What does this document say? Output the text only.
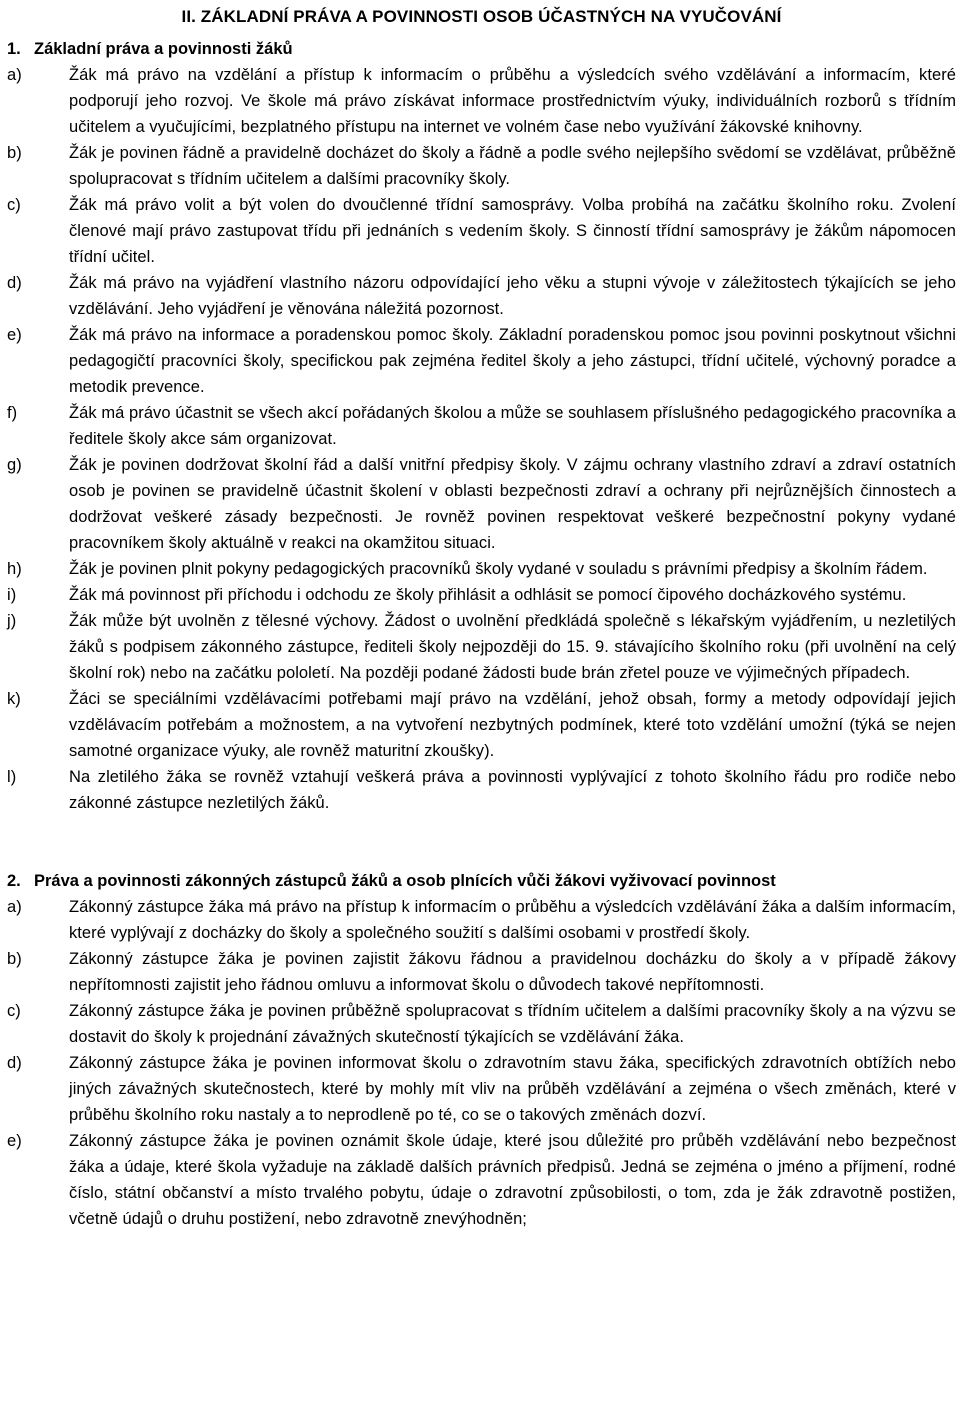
II. ZÁKLADNÍ PRÁVA A POVINNOSTI OSOB ÚČASTNÝCH NA VYUČOVÁNÍ
1. Základní práva a povinnosti žáků
a)	Žák má právo na vzdělání a přístup k informacím o průběhu a výsledcích svého vzdělávání a informacím, které podporují jeho rozvoj. Ve škole má právo získávat informace prostřednictvím výuky, individuálních rozborů s třídním učitelem a vyučujícími, bezplatného přístupu na internet ve volném čase nebo využívání žákovské knihovny.
b)	Žák je povinen řádně a pravidelně docházet do školy a řádně a podle svého nejlepšího svědomí se vzdělávat, průběžně spolupracovat s třídním učitelem a dalšími pracovníky školy.
c)	Žák má právo volit a být volen do dvoučlenné třídní samosprávy. Volba probíhá na začátku školního roku. Zvolení členové mají právo zastupovat třídu při jednáních s vedením školy. S činností třídní samosprávy je žákům nápomocen třídní učitel.
d)	Žák má právo na vyjádření vlastního názoru odpovídající jeho věku a stupni vývoje v záležitostech týkajících se jeho vzdělávání. Jeho vyjádření je věnována náležitá pozornost.
e)	Žák má právo na informace a poradenskou pomoc školy. Základní poradenskou pomoc jsou povinni poskytnout všichni pedagogičtí pracovníci školy, specifickou pak zejména ředitel školy a jeho zástupci, třídní učitelé, výchovný poradce a metodik prevence.
f)	Žák má právo účastnit se všech akcí pořádaných školou a může se souhlasem příslušného pedagogického pracovníka a ředitele školy akce sám organizovat.
g)	Žák je povinen dodržovat školní řád a další vnitřní předpisy školy. V zájmu ochrany vlastního zdraví a zdraví ostatních osob je povinen se pravidelně účastnit školení v oblasti bezpečnosti zdraví a ochrany při nejrůznějších činnostech a dodržovat veškeré zásady bezpečnosti. Je rovněž povinen respektovat veškeré bezpečnostní pokyny vydané pracovníkem školy aktuálně v reakci na okamžitou situaci.
h)	Žák je povinen plnit pokyny pedagogických pracovníků školy vydané v souladu s právními předpisy a školním řádem.
i)	Žák má povinnost při příchodu i odchodu ze školy přihlásit a odhlásit se pomocí čipového docházkového systému.
j)	Žák může být uvolněn z tělesné výchovy. Žádost o uvolnění předkládá společně s lékařským vyjádřením, u nezletilých žáků s podpisem zákonného zástupce, řediteli školy nejpozději do 15. 9. stávajícího školního roku (při uvolnění na celý školní rok) nebo na začátku pololetí. Na později podané žádosti bude brán zřetel pouze ve výjimečných případech.
k)	Žáci se speciálními vzdělávacími potřebami mají právo na vzdělání, jehož obsah, formy a metody odpovídají jejich vzdělávacím potřebám a možnostem, a na vytvoření nezbytných podmínek, které toto vzdělání umožní (týká se nejen samotné organizace výuky, ale rovněž maturitní zkoušky).
l)	Na zletilého žáka se rovněž vztahují veškerá práva a povinnosti vyplývající z tohoto školního řádu pro rodiče nebo zákonné zástupce nezletilých žáků.
2. Práva a povinnosti zákonných zástupců žáků a osob plnících vůči žákovi vyživovací povinnost
a)	Zákonný zástupce žáka má právo na přístup k informacím o průběhu a výsledcích vzdělávání žáka a dalším informacím, které vyplývají z docházky do školy a společného soužití s dalšími osobami v prostředí školy.
b)	Zákonný zástupce žáka je povinen zajistit žákovu řádnou a pravidelnou docházku do školy a v případě žákovy nepřítomnosti zajistit jeho řádnou omluvu a informovat školu o důvodech takové nepřítomnosti.
c)	Zákonný zástupce žáka je povinen průběžně spolupracovat s třídním učitelem a dalšími pracovníky školy a na výzvu se dostavit do školy k projednání závažných skutečností týkajících se vzdělávání žáka.
d)	Zákonný zástupce žáka je povinen informovat školu o zdravotním stavu žáka, specifických zdravotních obtížích nebo jiných závažných skutečnostech, které by mohly mít vliv na průběh vzdělávání a zejména o všech změnách, které v průběhu školního roku nastaly a to neprodleně po té, co se o takových změnách dozví.
e)	Zákonný zástupce žáka je povinen oznámit škole údaje, které jsou důležité pro průběh vzdělávání nebo bezpečnost žáka a údaje, které škola vyžaduje na základě dalších právních předpisů. Jedná se zejména o jméno a příjmení, rodné číslo, státní občanství a místo trvalého pobytu, údaje o zdravotní způsobilosti, o tom, zda je žák zdravotně postižen, včetně údajů o druhu postižení, nebo zdravotně znevýhodněn;
